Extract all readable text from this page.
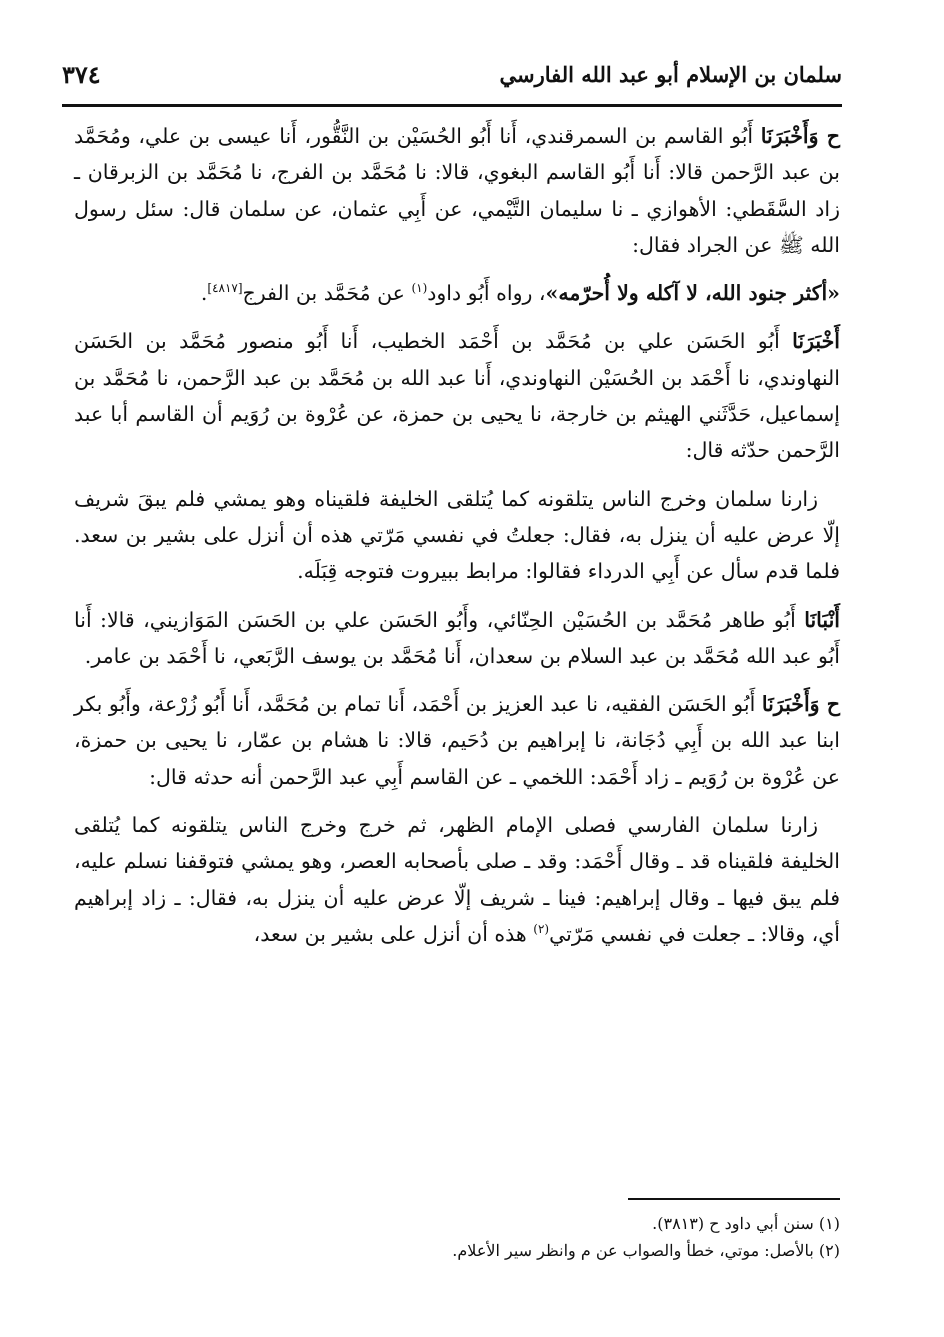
سلمان بن الإسلام أبو عبد الله الفارسي
٣٧٤

ح وَأَخْبَرَنَا أَبُو القاسم بن السمرقندي، أَنا أَبُو الحُسَيْن بن النَّقُّور، أَنا عيسى بن علي، ومُحَمَّد بن عبد الرَّحمن قالا: أَنا أَبُو القاسم البغوي، قالا: نا مُحَمَّد بن الفرج، نا مُحَمَّد بن الزبرقان ـ زاد السَّقَطي: الأهوازي ـ نا سليمان التَّيْمي، عن أَبِي عثمان، عن سلمان قال: سئل رسول الله ﷺ عن الجراد فقال:

«أكثر جنود الله، لا آكله ولا أُحرّمه»، رواه أَبُو داود$^{(١)}$ عن مُحَمَّد بن الفرج[٤٨١٧].

أَخْبَرَنَا أَبُو الحَسَن علي بن مُحَمَّد بن أَحْمَد الخطيب، أَنا أَبُو منصور مُحَمَّد بن الحَسَن النهاوندي، نا أَحْمَد بن الحُسَيْن النهاوندي، أَنا عبد الله بن مُحَمَّد بن عبد الرَّحمن، نا مُحَمَّد بن إسماعيل، حَدَّثَني الهيثم بن خارجة، نا يحيى بن حمزة، عن عُرْوة بن رُوَيم أن القاسم أبا عبد الرَّحمن حدّثه قال:

زارنا سلمان وخرج الناس يتلقونه كما يُتلقى الخليفة فلقيناه وهو يمشي فلم يبقَ شريف إلّا عرض عليه أن ينزل به، فقال: جعلتُ في نفسي مَرّتي هذه أن أنزل على بشير بن سعد. فلما قدم سأل عن أَبِي الدرداء فقالوا: مرابط ببيروت فتوجه قِبَلَه.

أَنْبَانَا أَبُو طاهر مُحَمَّد بن الحُسَيْن الحِنّائي، وأَبُو الحَسَن علي بن الحَسَن المَوَازيني، قالا: أَنا أَبُو عبد الله مُحَمَّد بن عبد السلام بن سعدان، أَنا مُحَمَّد بن يوسف الرَّبَعي، نا أَحْمَد بن عامر.

ح وَأَخْبَرَنَا أَبُو الحَسَن الفقيه، نا عبد العزيز بن أَحْمَد، أَنا تمام بن مُحَمَّد، أَنا أَبُو زُرْعة، وأَبُو بكر ابنا عبد الله بن أَبِي دُجَانة، نا إبراهيم بن دُحَيم، قالا: نا هشام بن عمّار، نا يحيى بن حمزة، عن عُرْوة بن رُوَيم ـ زاد أَحْمَد: اللخمي ـ عن القاسم أَبِي عبد الرَّحمن أنه حدثه قال:

زارنا سلمان الفارسي فصلى الإمام الظهر، ثم خرج وخرج الناس يتلقونه كما يُتلقى الخليفة فلقيناه قد ـ وقال أَحْمَد: وقد ـ صلى بأصحابه العصر، وهو يمشي فتوقفنا نسلم عليه، فلم يبق فيها ـ وقال إبراهيم: فينا ـ شريف إلّا عرض عليه أن ينزل به، فقال: ـ زاد إبراهيم أي، وقالا: ـ جعلت في نفسي مَرّتي$^{(٢)}$ هذه أن أنزل على بشير بن سعد،

(١) سنن أبي داود ح (٣٨١٣).
(٢) بالأصل: موتي، خطأ والصواب عن م وانظر سير الأعلام.
